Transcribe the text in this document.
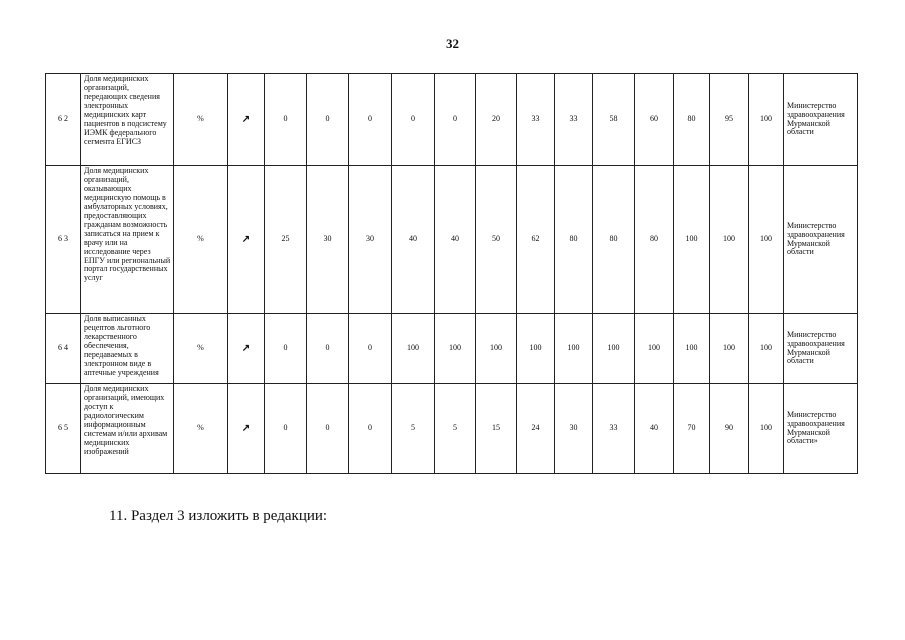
32
6 2	Доля медицинских организаций, передающих сведения электронных медицинских карт пациентов в подсистему ИЭМК федерального сегмента ЕГИСЗ	%	↗	0	0	0	0	0	20	33	33	58	60	80	95	100	Министерство здравоохранения Мурманской области
6 3	Доля медицинских организаций, оказывающих медицинскую помощь в амбулаторных условиях, предоставляющих гражданам возможность записаться на прием к врачу или на исследование через ЕПГУ или региональный портал государственных услуг	%	↗	25	30	30	40	40	50	62	80	80	80	100	100	100	Министерство здравоохранения Мурманской области
6 4	Доля выписанных рецептов льготного лекарственного обеспечения, передаваемых в электронном виде в аптечные учреждения	%	↗	0	0	0	100	100	100	100	100	100	100	100	100	100	Министерство здравоохранения Мурманской области
6 5	Доля медицинских организаций, имеющих доступ к радиологическим информационным системам и/или архивам медицинских изображений	%	↗	0	0	0	5	5	15	24	30	33	40	70	90	100	Министерство здравоохранения Мурманской области»
11. Раздел 3 изложить в редакции:
